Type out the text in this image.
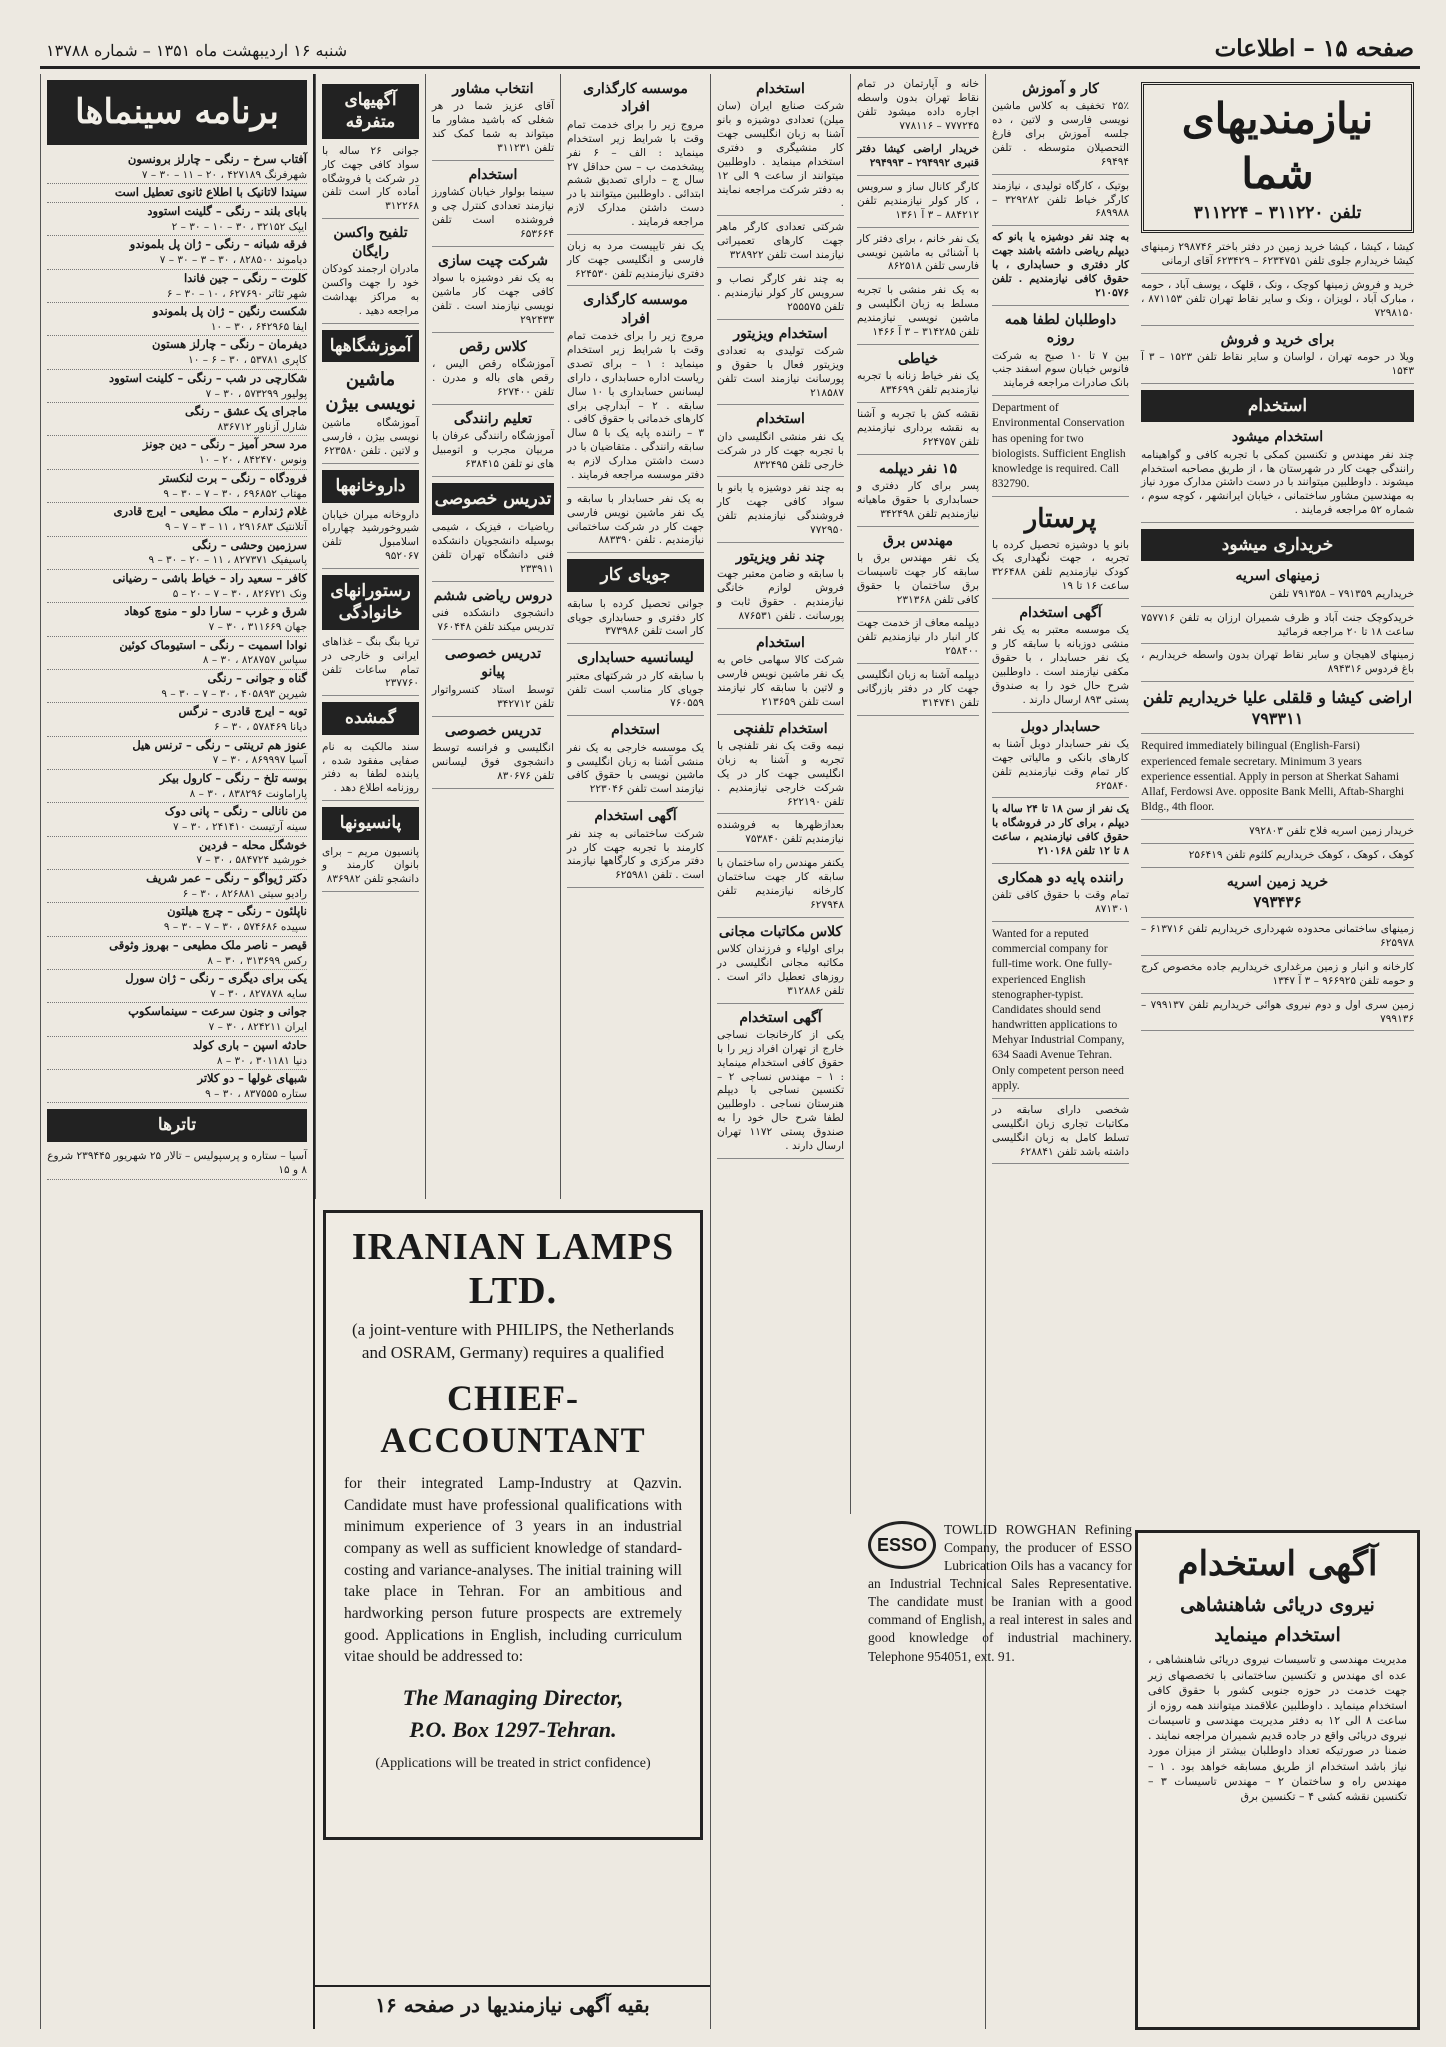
شنبه ۱۶ اردیبهشت ماه ۱۳۵۱ – شماره ۱۳۷۸۸	صفحه ۱۵ – اطلاعات
نیازمندیهای شما
تلفن ۳۱۱۲۲۰ – ۳۱۱۲۲۴
کیشا ، کیشا ، کیشا خرید زمین در دفتر باختر ۲۹۸۷۴۶ زمینهای کیشا خریدارم جلوی تلفن ۶۲۳۴۷۵۱ – ۶۲۳۴۲۹ آقای ارمانی
خرید و فروش زمینها کوچک ، ونک ، قلهک ، یوسف آباد ، حومه ، مبارک آباد ، لویزان ، ونک و سایر نقاط تهران تلفن ۸۷۱۱۵۳ ، ۷۲۹۸۱۵۰
برای خرید و فروش
ویلا در حومه تهران ، لواسان و سایر نقاط تلفن ۱۵۲۳ – ۳ آ ۱۵۴۳
استخدام
استخدام میشود
چند نفر مهندس و تکنسین کمکی با تجربه کافی و گواهینامه رانندگی جهت کار در شهرستان ها ، از طریق مصاحبه استخدام میشوند . داوطلبین میتوانند با در دست داشتن مدارک مورد نیاز به مهندسین مشاور ساختمانی ، خیابان ایرانشهر ، کوچه سوم ، شماره ۵۲ مراجعه فرمایند .
خریداری میشود
زمینهای اسریه
خریداریم ۷۹۱۳۵۹ – ۷۹۱۳۵۸ تلفن
خریدکوچک جنت آباد و ظرف شمیران ارزان به تلفن ۷۵۷۷۱۶ ساعت ۱۸ تا ۲۰ مراجعه فرمائید
زمینهای لاهیجان و سایر نقاط تهران بدون واسطه خریداریم ، باغ فردوس ۸۹۴۳۱۶
اراضی کیشا و قلقلی علیا خریداریم تلفن ۷۹۳۳۱۱
Required immediately bilingual (English-Farsi) experienced female secretary. Minimum 3 years experience essential. Apply in person at Sherkat Sahami Allaf, Ferdowsi Ave. opposite Bank Melli, Aftab-Sharghi Bldg., 4th floor.
خریدار زمین اسریه فلاح تلفن ۷۹۲۸۰۳
کوهک ، کوهک ، کوهک خریداریم کلثوم تلفن ۲۵۶۴۱۹
خرید زمین اسریه
۷۹۳۴۳۶
زمینهای ساختمانی محدوده شهرداری خریداریم تلفن ۶۱۳۷۱۶ – ۶۲۵۹۷۸
کارخانه و انبار و زمین مرغداری خریداریم جاده مخصوص کرج و حومه تلفن ۹۶۶۹۲۵ – ۳ آ ۱۳۴۷
زمین سری اول و دوم نیروی هوائی خریداریم تلفن ۷۹۹۱۳۷ – ۷۹۹۱۳۶
کار و آموزش
۲۵٪ تخفیف به کلاس ماشین نویسی فارسی و لاتین ، ده جلسه آموزش برای فارغ التحصیلان متوسطه . تلفن ۶۹۴۹۴
بوتیک ، کارگاه تولیدی ، نیازمند کارگر خیاط تلفن ۳۲۹۲۸۲ – ۶۸۹۹۸۸
به چند نفر دوشیزه یا بانو که دیپلم ریاضی داشته باشند جهت کار دفتری و حسابداری ، با حقوق کافی نیازمندیم . تلفن ۲۱۰۵۷۶
داوطلبان لطفا همه روزه
بین ۷ تا ۱۰ صبح به شرکت فانوس خیابان سوم اسفند جنب بانک صادرات مراجعه فرمایند
Department of Environmental Conservation has opening for two biologists. Sufficient English knowledge is required. Call 832790.
پرستار
بانو یا دوشیزه تحصیل کرده با تجربه ، جهت نگهداری یک کودک نیازمندیم تلفن ۳۲۶۴۸۸ ساعت ۱۶ تا ۱۹
آگهی استخدام
یک موسسه معتبر به یک نفر منشی دوزبانه با سابقه کار و یک نفر حسابدار ، با حقوق مکفی نیازمند است . داوطلبین شرح حال خود را به صندوق پستی ۸۹۳ ارسال دارند .
حسابدار دوبل
یک نفر حسابدار دوبل آشنا به کارهای بانکی و مالیاتی جهت کار تمام وقت نیازمندیم تلفن ۶۲۵۸۴۰
یک نفر از سن ۱۸ تا ۲۴ ساله با دیپلم ، برای کار در فروشگاه با حقوق کافی نیازمندیم ، ساعت ۸ تا ۱۲ تلفن ۲۱۰۱۶۸
راننده پایه دو همکاری
تمام وقت با حقوق کافی تلفن ۸۷۱۳۰۱
Wanted for a reputed commercial company for full-time work. One fully-experienced English stenographer-typist. Candidates should send handwritten applications to Mehyar Industrial Company, 634 Saadi Avenue Tehran. Only competent person need apply.
شخصی دارای سابقه در مکاتبات تجاری زبان انگلیسی تسلط کامل به زبان انگلیسی داشته باشد تلفن ۶۲۸۸۴۱
خانه و آپارتمان در تمام نقاط تهران بدون واسطه اجاره داده میشود تلفن ۷۷۷۲۴۵ – ۷۷۸۱۱۶
خریدار اراضی کیشا دفتر قنبری ۲۹۴۹۹۲ – ۲۹۴۹۹۳
کارگر کانال ساز و سرویس ، کار کولر نیازمندیم تلفن ۸۸۴۲۱۲ – ۳ آ ۱۳۶۱
یک نفر خانم ، برای دفتر کار با آشنائی به ماشین نویسی فارسی تلفن ۸۶۲۵۱۸
به یک نفر منشی با تجربه مسلط به زبان انگلیسی و ماشین نویسی نیازمندیم تلفن ۳۱۴۲۸۵ – ۳ آ ۱۴۶۶
خیاطی
یک نفر خیاط زنانه با تجربه نیازمندیم تلفن ۸۳۴۶۹۹
نقشه کش با تجربه و آشنا به نقشه برداری نیازمندیم تلفن ۶۲۴۷۵۷
۱۵ نفر دیپلمه
پسر برای کار دفتری و حسابداری با حقوق ماهیانه نیازمندیم تلفن ۳۴۲۴۹۸
مهندس برق
یک نفر مهندس برق با سابقه کار جهت تاسیسات برق ساختمان با حقوق کافی تلفن ۲۳۱۳۶۸
دیپلمه معاف از خدمت جهت کار انبار دار نیازمندیم تلفن ۲۵۸۴۰۰
دیپلمه آشنا به زبان انگلیسی جهت کار در دفتر بازرگانی تلفن ۳۱۴۷۴۱
استخدام
شرکت صنایع ایران (سان میلن) تعدادی دوشیزه و بانو آشنا به زبان انگلیسی جهت کار منشیگری و دفتری استخدام مینماید . داوطلبین میتوانند از ساعت ۹ الی ۱۲ به دفتر شرکت مراجعه نمایند .
شرکتی تعدادی کارگر ماهر جهت کارهای تعمیراتی نیازمند است تلفن ۳۲۸۹۲۲
به چند نفر کارگر نصاب و سرویس کار کولر نیازمندیم . تلفن ۲۵۵۵۷۵
استخدام ویزیتور
شرکت تولیدی به تعدادی ویزیتور فعال با حقوق و پورسانت نیازمند است تلفن ۲۱۸۵۸۷
استخدام
یک نفر منشی انگلیسی دان با تجربه جهت کار در شرکت خارجی تلفن ۸۳۲۴۹۵
به چند نفر دوشیزه یا بانو با سواد کافی جهت کار فروشندگی نیازمندیم تلفن ۷۷۲۹۵۰
چند نفر ویزیتور
با سابقه و ضامن معتبر جهت فروش لوازم خانگی نیازمندیم . حقوق ثابت و پورسانت . تلفن ۸۷۶۵۳۱
استخدام
شرکت کالا سهامی خاص به یک نفر ماشین نویس فارسی و لاتین با سابقه کار نیازمند است تلفن ۲۱۳۶۵۹
استخدام تلفنچی
نیمه وقت یک نفر تلفنچی با تجربه و آشنا به زبان انگلیسی جهت کار در یک شرکت خارجی نیازمندیم . تلفن ۶۲۲۱۹۰
بعدازظهرها به فروشنده نیازمندیم تلفن ۷۵۳۸۴۰
یکنفر مهندس راه ساختمان با سابقه کار جهت ساختمان کارخانه نیازمندیم تلفن ۶۲۷۹۴۸
کلاس مکاتبات مجانی
برای اولیاء و فرزندان کلاس مکاتبه مجانی انگلیسی در روزهای تعطیل دائر است . تلفن ۳۱۲۸۸۶
آگهی استخدام
یکی از کارخانجات نساجی خارج از تهران افراد زیر را با حقوق کافی استخدام مینماید : ۱ – مهندس نساجی ۲ – تکنسین نساجی با دیپلم هنرستان نساجی . داوطلبین لطفا شرح حال خود را به صندوق پستی ۱۱۷۲ تهران ارسال دارند .
موسسه کارگذاری افراد
مروج زیر را برای خدمت تمام وقت با شرایط زیر استخدام مینماید : الف – ۶ نفر پیشخدمت ب – سن حداقل ۲۷ سال ج – دارای تصدیق ششم ابتدائی . داوطلبین میتوانند با در دست داشتن مدارک لازم مراجعه فرمایند .
یک نفر تایپیست مرد به زبان فارسی و انگلیسی جهت کار دفتری نیازمندیم تلفن ۶۲۴۵۳۰
موسسه کارگذاری افراد
مروج زیر را برای خدمت تمام وقت با شرایط زیر استخدام مینماید : ۱ – برای تصدی ریاست اداره حسابداری ، دارای لیسانس حسابداری با ۱۰ سال سابقه . ۲ – آبدارچی برای کارهای خدماتی با حقوق کافی . ۳ – راننده پایه یک با ۵ سال سابقه رانندگی . متقاضیان با در دست داشتن مدارک لازم به دفتر موسسه مراجعه فرمایند .
به یک نفر حسابدار با سابقه و یک نفر ماشین نویس فارسی جهت کار در شرکت ساختمانی نیازمندیم . تلفن ۸۸۳۳۹۰
جویای کار
جوانی تحصیل کرده با سابقه کار دفتری و حسابداری جویای کار است تلفن ۳۷۳۹۸۶
لیسانسیه حسابداری
با سابقه کار در شرکتهای معتبر جویای کار مناسب است تلفن ۷۶۰۵۵۹
استخدام
یک موسسه خارجی به یک نفر منشی آشنا به زبان انگلیسی و ماشین نویسی با حقوق کافی نیازمند است تلفن ۲۲۳۰۴۶
آگهی استخدام
شرکت ساختمانی به چند نفر کارمند با تجربه جهت کار در دفتر مرکزی و کارگاهها نیازمند است . تلفن ۶۲۵۹۸۱
انتخاب مشاور
آقای عزیز شما در هر شغلی که باشید مشاور ما میتواند به شما کمک کند تلفن ۳۱۱۲۳۱
استخدام
سینما بولوار خیابان کشاورز نیازمند تعدادی کنترل چی و فروشنده است تلفن ۶۵۳۶۶۴
شرکت چیت سازی
به یک نفر دوشیزه با سواد کافی جهت کار ماشین نویسی نیازمند است . تلفن ۲۹۲۴۳۳
کلاس رقص
آموزشگاه رقص الیس ، رقص های باله و مدرن . تلفن ۶۲۷۴۰۰
تعلیم رانندگی
آموزشگاه رانندگی عرفان با مربیان مجرب و اتومبیل های نو تلفن ۶۳۸۴۱۵
تدریس خصوصی
ریاضیات ، فیزیک ، شیمی بوسیله دانشجویان دانشکده فنی دانشگاه تهران تلفن ۲۳۳۹۱۱
دروس ریاضی ششم
دانشجوی دانشکده فنی تدریس میکند تلفن ۷۶۰۴۴۸
تدریس خصوصی پیانو
توسط استاد کنسرواتوار تلفن ۳۴۲۷۱۲
تدریس خصوصی
انگلیسی و فرانسه توسط دانشجوی فوق لیسانس تلفن ۸۳۰۶۷۶
آگهیهای متفرقه
جوانی ۲۶ ساله با سواد کافی جهت کار در شرکت یا فروشگاه آماده کار است تلفن ۳۱۲۲۶۸
تلفیح واکسن رایگان
مادران ارجمند کودکان خود را جهت واکسن به مراکز بهداشت مراجعه دهید .
آموزشگاهها
ماشین نویسی بیژن
آموزشگاه ماشین نویسی بیژن ، فارسی و لاتین . تلفن ۶۲۳۵۸۰
داروخانهها
داروخانه میران خیابان شیروخورشید چهارراه اسلامبول تلفن ۹۵۲۰۶۷
رستورانهای خانوادگی
تریا بنگ بنگ – غذاهای ایرانی و خارجی در تمام ساعات تلفن ۲۳۷۷۶۰
گمشده
سند مالکیت به نام صفایی مفقود شده ، یابنده لطفا به دفتر روزنامه اطلاع دهد .
پانسیونها
پانسیون مریم – برای بانوان کارمند و دانشجو تلفن ۸۳۶۹۸۲
برنامه سینماها
آفتاب سرخ – رنگی – چارلز برونسون
شهرفرنگ ۴۲۷۱۸۹ ، ۲۰ – ۱۱ – ۳۰ – ۷
سیندا لاتانیک با اطلاع ثانوی تعطیل است
بابای بلند – رنگی – گلینت استوود
ایپک ۳۲۱۵۲ ، ۳۰ – ۱۰ – ۳۰ – ۲
فرقه شبانه – رنگی – ژان پل بلموندو
دیاموند ۸۲۸۵۰۰ ، ۳۰ – ۳ – ۳۰ – ۷
کلوت – رنگی – جین فاندا
شهر تئاتر ۶۲۷۶۹۰ ، ۱۰ – ۳۰ – ۶
شکست رنگین – ژان پل بلموندو
ایفا ۶۴۲۹۶۵ ، ۳۰ – ۱۰
دیفرمان – رنگی – چارلز هستون
کاپری ۵۳۷۸۱ ، ۳۰ – ۶ – ۱۰
شکارچی در شب – رنگی – کلینت استوود
پولیور ۵۷۳۲۹۹ ، ۳۰ – ۷
ماجرای یک عشق – رنگی
شارل آزناور ۸۳۶۷۱۲
مرد سحر آمیز – رنگی – دین جونز
ونوس ۸۴۲۴۷۰ ، ۲۰ – ۱۰
فرودگاه – رنگی – برت لنکستر
مهتاب ۶۹۶۸۵۲ ، ۳۰ – ۷ – ۳۰ – ۹
غلام ژندارم – ملک مطیعی – ایرج قادری
آتلانتیک ۲۹۱۶۸۳ ، ۱۱ – ۳ – ۷ – ۹
سرزمین وحشی – رنگی
پاسیفیک ۸۲۷۳۷۱ ، ۱۱ – ۲۰ – ۳۰ – ۹
کافر – سعید راد – خیاط باشی – رضیانی
ونک ۸۲۶۷۲۱ ، ۳۰ – ۷ – ۲۰ – ۵
شرق و غرب – سارا دلو – منوچ کوهاد
جهان ۳۱۱۶۶۹ ، ۳۰ – ۷
نوادا اسمیت – رنگی – استیوماک کوئین
سپاس ۸۲۸۷۵۷ ، ۳۰ – ۸
گناه و جوانی – رنگی
شیرین ۴۰۵۸۹۳ ، ۳۰ – ۷ – ۳۰ – ۹
توبه – ایرج قادری – نرگس
دیانا ۵۷۸۴۶۹ ، ۳۰ – ۶
عنوز هم ترینتی – رنگی – ترنس هیل
آسیا ۸۶۹۹۹۷ ، ۳۰ – ۷
بوسه تلخ – رنگی – کارول بیکر
پاراماونت ۸۳۸۲۹۶ ، ۳۰ – ۸
من نانالی – رنگی – پانی دوک
سینه آرتیست ۲۴۱۴۱۰ ، ۳۰ – ۷
خوشگل محله – فردین
خورشید ۵۸۴۷۲۴ ، ۳۰ – ۷
دکتر ژیواگو – رنگی – عمر شریف
رادیو سیتی ۸۲۶۸۸۱ ، ۳۰ – ۶
ناپلئون – رنگی – چرچ هیلتون
سپیده ۵۷۴۶۸۶ ، ۳۰ – ۷ – ۳۰ – ۹
قیصر – ناصر ملک مطیعی – بهروز وثوقی
رکس ۳۱۳۶۹۹ ، ۳۰ – ۸
یکی برای دیگری – رنگی – ژان سورل
سایه ۸۲۷۸۷۸ ، ۳۰ – ۷
جوانی و جنون سرعت – سینماسکوپ
ایران ۸۲۴۲۱۱ ، ۳۰ – ۷
حادثه اسپن – باری کولد
دنیا ۳۰۱۱۸۱ ، ۳۰ – ۸
شبهای غولها – دو کلاتر
ستاره ۸۳۷۵۵۵ ، ۳۰ – ۹
تاترها
آسیا – ستاره و پرسپولیس – تالار ۲۵ شهریور ۲۳۹۴۴۵ شروع ۸ و ۱۵
IRANIAN LAMPS LTD.
(a joint-venture with PHILIPS, the Netherlands and OSRAM, Germany) requires a qualified
CHIEF-ACCOUNTANT
for their integrated Lamp-Industry at Qazvin. Candidate must have professional qualifications with minimum experience of 3 years in an industrial company as well as sufficient knowledge of standard-costing and variance-analyses. The initial training will take place in Tehran. For an ambitious and hardworking person future prospects are extremely good. Applications in English, including curriculum vitae should be addressed to:
The Managing Director,
P.O. Box 1297-Tehran.
(Applications will be treated in strict confidence)
ESSO
TOWLID ROWGHAN Refining Company, the producer of ESSO Lubrication Oils has a vacancy for an Industrial Technical Sales Representative. The candidate must be Iranian with a good command of English, a real interest in sales and good knowledge of industrial machinery. Telephone 954051, ext. 91.
آگهی استخدام
نیروی دریائی شاهنشاهی
استخدام مینماید
مدیریت مهندسی و تاسیسات نیروی دریائی شاهنشاهی ، عده ای مهندس و تکنسین ساختمانی با تخصصهای زیر جهت خدمت در حوزه جنوبی کشور با حقوق کافی استخدام مینماید . داوطلبین علاقمند میتوانند همه روزه از ساعت ۸ الی ۱۲ به دفتر مدیریت مهندسی و تاسیسات نیروی دریائی واقع در جاده قدیم شمیران مراجعه نمایند . ضمنا در صورتیکه تعداد داوطلبان بیشتر از میزان مورد نیاز باشد استخدام از طریق مسابقه خواهد بود . ۱ – مهندس راه و ساختمان ۲ – مهندس تاسیسات ۳ – تکنسین نقشه کشی ۴ – تکنسین برق
بقیه آگهی نیازمندیها در صفحه ۱۶
